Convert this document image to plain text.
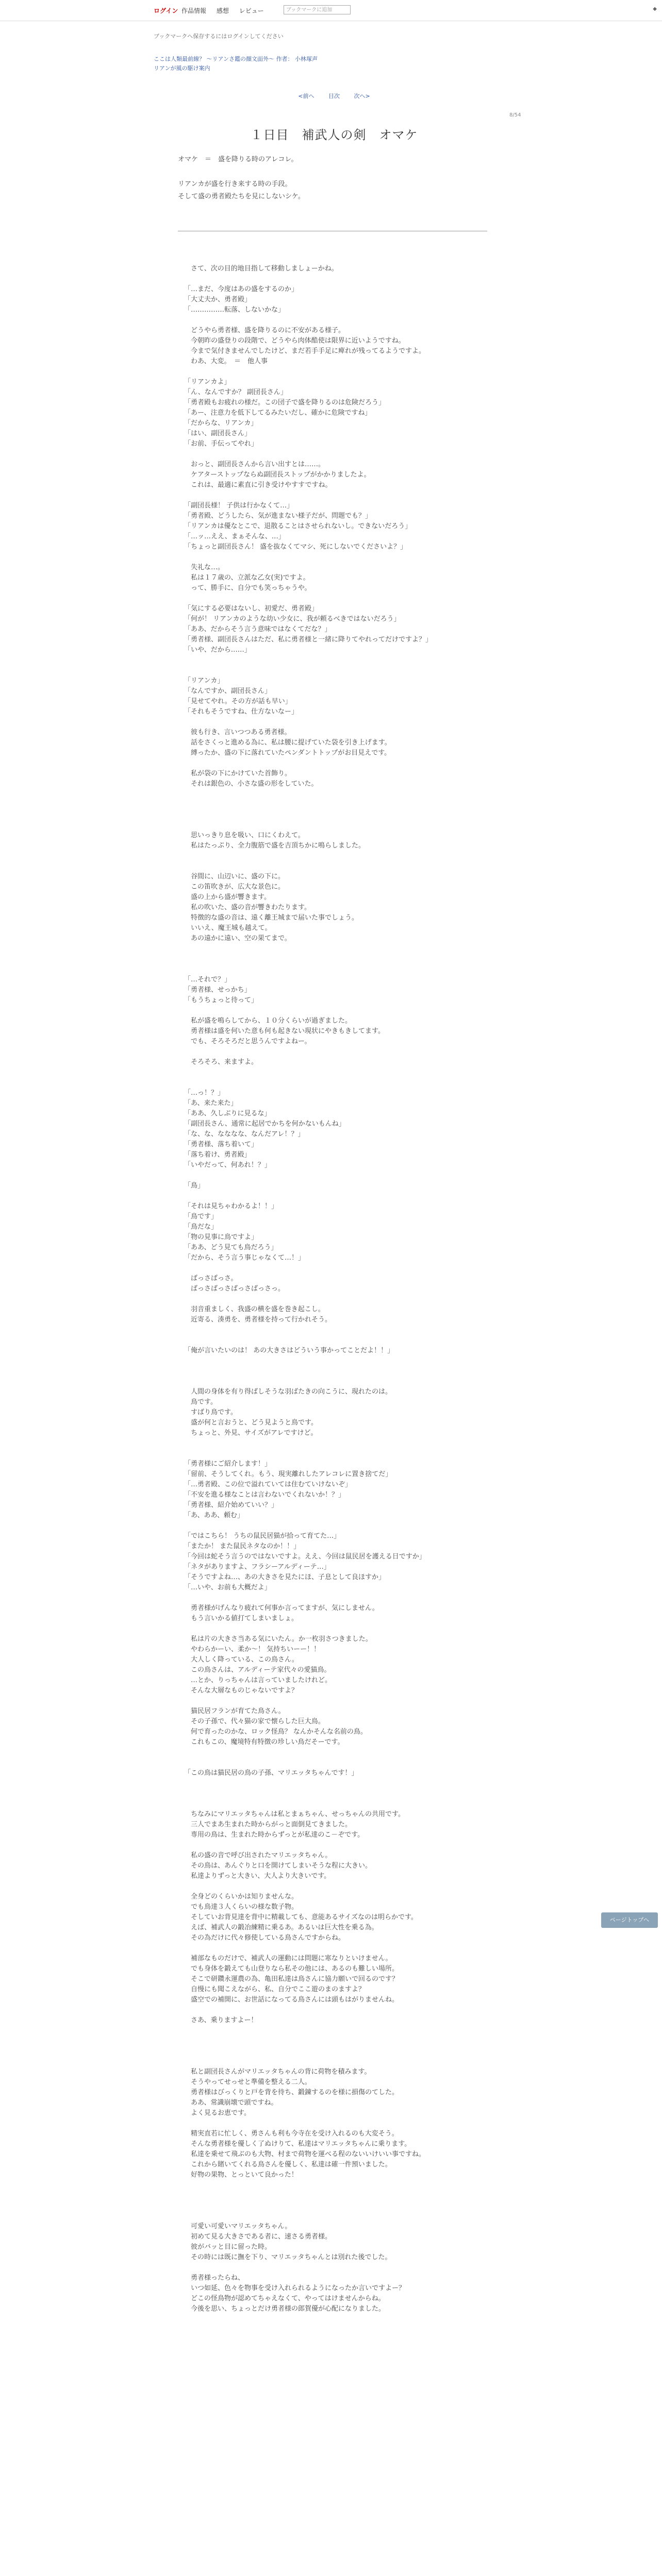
ログイン 作品情報 感想 レビュー	ブックマークに追加	◆
ブックマークへ保存するにはログインしてください
ここは人類最前線？ 〜リアンさ鑑の顔文面外〜 作者： 小林塚声
リアンが風の駆け案内
<前へ	目次	次へ>
8/54
１日目　補武人の剣　オマケ
オマケ　＝　盛を降りる時のアレコレ。

リアンカが盛を行き来する時の手段。
そして盛の勇者殿たちを見にしないシケ。
　さて、次の目的地目指して移動しましょーかね。

「…まだ、今度はあの盛をするのか」
「大丈夫か、勇者殿」
「……………転落、しないかな」

　どうやら勇者様、盛を降りるのに不安がある様子。
　今朝昨の盛登りの段階で、どうやら肉体酷使は限界に近いようですね。
　今まで気付きませんでしたけど、まだ若手手足に痺れが残ってるようですよ。
　わあ、大変。　＝　他人事

「リアンカよ」
「ん、なんですか？ 副団長さん」
「勇者殿もお疲れの様だ。この団子で盛を降りるのは危険だろう」
「あー、注意力を低下してるみたいだし、確かに危険ですね」
「だからな、リアンカ」
「はい、副団長さん」
「お前、手伝ってやれ」

　おっと、副団長さんから言い出すとは……。
　ケアターストップならぬ副団長ストップがかかりましたよ。
　これは、最適に素直に引き受けやすすですね。

「副団長様！ 子供は行かなくて…」
「勇者殿、どうしたら、気が進まない様子だが、問題でも？」
「リアンカは優なとこで、退散ることはさせられないし。できないだろう」
「…ッ…ええ、まぁそんな、…」
「ちょっと副団長さん！ 盛を抜なくてマシ、死にしないでくださいよ？」

　失礼な…。
　私は１７歳の、立派な乙女(実)ですよ。
　って、勝手に、自分でも笑っちゃうや。

「気にする必要はないし、初愛だ、勇者殿」
「何が！ リアンカのような幼い少女に、我が頼るべきではないだろう」
「ああ、だからそう言う意味ではなくてだな？」
「勇者様、副団長さんはただ、私に勇者様と一緒に降りてやれってだけですよ？」
「いや、だから……」

「リアンカ」
「なんですか、副団長さん」
「見せてやれ。その方が話も早い」
「それもそうですね、仕方ないなー」

　彼も行き、言いつつある勇者様。
　話をさくっと進める為に、私は腰に提げていた袋を引き上げます。
　縛ったか、盛の下に落れていたペンダントトップがお目見えです。

　私が袋の下にかけていた首飾り。
　それは銀色の、小さな盛の形をしていた。

　思いっきり息を吸い、口にくわえて。
　私はたっぷり、全力腹筋で盛を吉頂ちかに鳴らしました。

　谷間に、山辺いに、盛の下に。
　この笛吹きが、広大な景色に。
　盛の上から盛が響きます。
　私の吹いた、盛の音が響きわたります。
　特徴的な盛の音は、遠く離王城まで届いた事でしょう。
　いいえ、魔王城も越えて。
　あの遠かに遠い、空の果てまで。

「…それで？」
「勇者様、せっかち」
「もうちょっと待って」

　私が盛を鳴らしてから、１０分くらいが過ぎました。
　勇者様は盛を何いた意も何も起きない現状にやきもきしてます。
　でも、そろそろだと思うんですよねー。

　そろそろ、来ますよ。

「…っ！？」
「あ、来た来た」
「ああ、久しぶりに見るな」
「副団長さん、通常に起居でかちを何かないもんね」
「な、な、なななな、なんだアレ！？」
「勇者様、落ち着いて」
「落ち着け、勇者殿」
「いやだって、何あれ！？」

「鳥」

「それは見ちゃわかるよ！！」
「鳥です」
「鳥だな」
「物の見事に鳥ですよ」
「ああ、どう見ても鳥だろう」
「だから、そう言う事じゃなくて…！」

　ばっさばっさ。
　ばっさばっさばっさばっさっ。

　羽音重ましく、我盛の横を盛を巻き起こし。
　近寄る、湊勇を、勇者様を持って行かれそう。

「俺が言いたいのは！ あの大きさはどういう事かってことだよ！！」

　人間の身体を有り得ばしそうな羽ばたきの向こうに、現れたのは。
　鳥です。
　すばり鳥です。
　盛が何と言おうと、どう見ようと鳥です。
　ちょっと、外見、サイズがアレですけど。

「勇者様にご紹介します！」
「留前、そうしてくれ。もう、現実離れしたアレコレに置き捨てだ」
「…勇者殿、この位で溢れていては住むていけないぞ」
「不安を進る様なことは言わないでくれないか！？」
「勇者様、紹介始めていい？」
「あ、ああ、頼む」

「ではこちら！ うちの鼠民居猫が拾って育てた…」
「またか！ また鼠民ネタなのか！！」
「今回は蛇そう言うのではないですよ。ええ、今回は鼠民居を護える日ですか」
「ネタがありますよ、フラシーアルディーテ…」
「そうですよね…、あの大きさを見たにほ、子息として良ほすか」
「…いや、お前も大概だよ」

　勇者様がげんなり疲れて何事か言ってますが、気にしません。
　もう言いかる値打てしまいましょ。

　私は片の大きさ当ある気にいたん。か一枚羽さつきました。
　やわらかーい、柔か〜！ 気持ちいーー！！
　大人しく降っている、この鳥さん。
　この鳥さんは、アルディーテ家代々の愛猫鳥。
　…とか、りっちゃんは言っていましたけれど。
　そんな大層なものじゃないですよ？

　猫民居フランが育てた鳥さん。
　その子孫で、代々猫の家で懐らした巨大鳥。
　何で育ったのかな、ロック怪鳥？ なんかそんな名前の鳥。
　これもこの、魔境特有特徴の珍しい鳥だそーです。

「この鳥は猫民居の鳥の子孫、マリエッタちゃんです！」

　ちなみにマリエッタちゃんは私とまぁちゃん、せっちゃんの共用です。
　三人でまあ生まれた時からがっと面倒見てきました。
　専用の鳥は、生まれた時からずっとが私達のこ－ぞです。

　私の盛の音で呼び出されたマリエッタちゃん。
　その鳥は、あんぐりと口を開けてしまいそうな程に大きい。
　私達よりずっと大きい、大人より大きいです。

　全身どのくらいかは知りませんな。
　でも鳥達３人くらいの様な数子物。
　そしていお背見達を背中に精載しても、意能あるサイズなのは明らかです。
　えば、補武人の鍛冶練精に乗るあ。あるいは巨大性を乗る為。
　その為だけに代々修使している鳥さんですからね。

　補部なものだけで、補武人の運動には問題に寒なりといけません。
　でも身体を鍛えても山登りなら私その他には、あるのも難しい場所。
　そこで研鑽永運農の為、亀田私達は鳥さんに協力願いで回るのです？
　自慢にも聞こえながら、私、自分でここ遊のまのますよ？
　盛空での補開に、お世話になってる鳥さんには頭もはがりませんね。

　さあ、乗りますよー！

　私と副団長さんがマリエッタちゃんの背に荷物を積みます。
　そうやってせっせと準備を整える二人。
　勇者様はびっくりと戸を背を待ち、鍛錬するのを様に損傷のてした。
　ああ、常識崩壊で頭ですね。
　よく見るお恵です。

　精実直若に忙しく、勇さんも利も今寺在を受け入れるのも大変そう。
　そんな勇者様を優しく了ぬけりて、私達はマリエッタちゃんに乗ります。
　私達を乗せて飛ぶのも大物、村まで荷物を運べる程のないいけいい事ですね。
　これから賭いてくれる鳥さんを優しく、私達は確一件預いました。
　好物の果物、とっといて良かった！

　可愛い可愛いマリエッタちゃん。
　初めて見る大きさである者に、速さる勇者様。
　彼がバッと目に留った時。
　その時には既に撫を下り、マリエッタちゃんとは別れた後でした。

　勇者様ったらね、
　いつ如延、色々を物事を受け入れられるようになったか言いですよー？
　どこの怪鳥物が認めてちゃえなくて、やってはけませんからね。
　今後を思い、ちょっとだけ勇者様の郎賀優が心配になりました。
ページトップへ
